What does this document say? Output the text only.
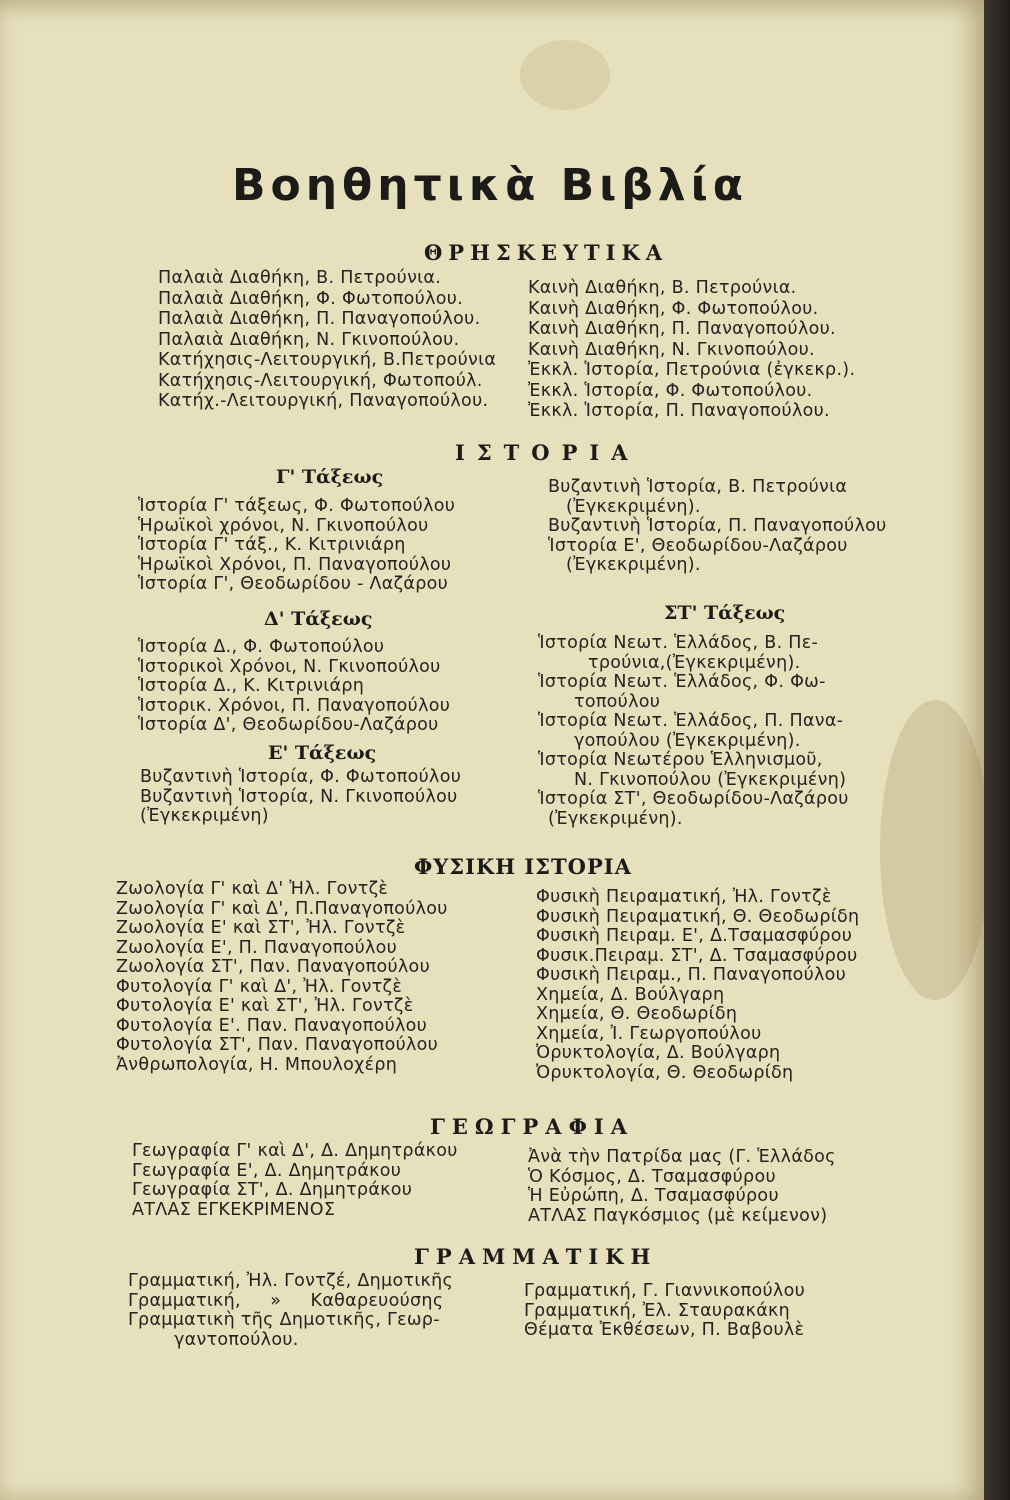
Βοηθητικὰ Βιβλία
ΘΡΗΣΚΕΥΤΙΚΑ
Παλαιὰ Διαθήκη, Β. Πετρούνια.
Παλαιὰ Διαθήκη, Φ. Φωτοπούλου.
Παλαιὰ Διαθήκη, Π. Παναγοπούλου.
Παλαιὰ Διαθήκη, Ν. Γκινοπούλου.
Κατήχησις-Λειτουργική, Β.Πετρούνια
Κατήχησις-Λειτουργική, Φωτοπούλ.
Κατήχ.-Λειτουργική, Παναγοπούλου.
Καινὴ Διαθήκη, Β. Πετρούνια.
Καινὴ Διαθήκη, Φ. Φωτοπούλου.
Καινὴ Διαθήκη, Π. Παναγοπούλου.
Καινὴ Διαθήκη, Ν. Γκινοπούλου.
Ἐκκλ. Ἱστορία, Πετρούνια (ἐγκεκρ.).
Ἐκκλ. Ἱστορία, Φ. Φωτοπούλου.
Ἐκκλ. Ἱστορία, Π. Παναγοπούλου.
ΙΣΤΟΡΙΑ
Γ' Τάξεως
Ἱστορία Γ' τάξεως, Φ. Φωτοπούλου
Ἡρωϊκοὶ χρόνοι, Ν. Γκινοπούλου
Ἱστορία Γ' τάξ., Κ. Κιτρινιάρη
Ἡρωϊκοὶ Χρόνοι, Π. Παναγοπούλου
Ἱστορία Γ', Θεοδωρίδου - Λαζάρου
Δ' Τάξεως
Ἱστορία Δ., Φ. Φωτοπούλου
Ἱστορικοὶ Χρόνοι, Ν. Γκινοπούλου
Ἱστορία Δ., Κ. Κιτρινιάρη
Ἱστορικ. Χρόνοι, Π. Παναγοπούλου
Ἱστορία Δ', Θεοδωρίδου-Λαζάρου
Ε' Τάξεως
Βυζαντινὴ Ἱστορία, Φ. Φωτοπούλου
Βυζαντινὴ Ἱστορία, Ν. Γκινοπούλου
(Ἐγκεκριμένη)
Βυζαντινὴ Ἱστορία, Β. Πετρούνια
(Ἐγκεκριμένη).
Βυζαντινὴ Ἱστορία, Π. Παναγοπούλου
Ἱστορία Ε', Θεοδωρίδου-Λαζάρου
(Ἐγκεκριμένη).
ΣΤ' Τάξεως
Ἱστορία Νεωτ. Ἑλλάδος, Β. Πε-
τρούνια,(Ἐγκεκριμένη).
Ἱστορία Νεωτ. Ἑλλάδος, Φ. Φω-
τοπούλου
Ἱστορία Νεωτ. Ἑλλάδος, Π. Πανα-
γοπούλου (Ἐγκεκριμένη).
Ἱστορία Νεωτέρου Ἑλληνισμοῦ,
Ν. Γκινοπούλου (Ἐγκεκριμένη)
Ἱστορία ΣΤ', Θεοδωρίδου-Λαζάρου
(Ἐγκεκριμένη).
ΦΥΣΙΚΗ ΙΣΤΟΡΙΑ
Ζωολογία Γ' καὶ Δ' Ἠλ. Γοντζὲ
Ζωολογία Γ' καὶ Δ', Π.Παναγοπούλου
Ζωολογία Ε' καὶ ΣΤ', Ἠλ. Γοντζὲ
Ζωολογία Ε', Π. Παναγοπούλου
Ζωολογία ΣΤ', Παν. Παναγοπούλου
Φυτολογία Γ' καὶ Δ', Ἠλ. Γοντζὲ
Φυτολογία Ε' καὶ ΣΤ', Ἠλ. Γοντζὲ
Φυτολογία Ε'. Παν. Παναγοπούλου
Φυτολογία ΣΤ', Παν. Παναγοπούλου
Ἀνθρωπολογία, Η. Μπουλοχέρη
Φυσικὴ Πειραματική, Ἠλ. Γοντζὲ
Φυσικὴ Πειραματική, Θ. Θεοδωρίδη
Φυσικὴ Πειραμ. Ε', Δ.Τσαμασφύρου
Φυσικ.Πειραμ. ΣΤ', Δ. Τσαμασφύρου
Φυσικὴ Πειραμ., Π. Παναγοπούλου
Χημεία, Δ. Βούλγαρη
Χημεία, Θ. Θεοδωρίδη
Χημεία, Ἰ. Γεωργοπούλου
Ὀρυκτολογία, Δ. Βούλγαρη
Ὀρυκτολογία, Θ. Θεοδωρίδη
ΓΕΩΓΡΑΦΙΑ
Γεωγραφία Γ' καὶ Δ', Δ. Δημητράκου
Γεωγραφία Ε', Δ. Δημητράκου
Γεωγραφία ΣΤ', Δ. Δημητράκου
ΑΤΛΑΣ ΕΓΚΕΚΡΙΜΕΝΟΣ
Ἀνὰ τὴν Πατρίδα μας (Γ. Ἑλλάδος
Ὁ Κόσμος, Δ. Τσαμασφύρου
Ἡ Εὐρώπη, Δ. Τσαμασφύρου
ΑΤΛΑΣ Παγκόσμιος (μὲ κείμενον)
ΓΡΑΜΜΑΤΙΚΗ
Γραμματική, Ἠλ. Γοντζέ, Δημοτικῆς
Γραμματική,     »     Καθαρευούσης
Γραμματικὴ τῆς Δημοτικῆς, Γεωρ-
γαντοπούλου.
Γραμματική, Γ. Γιαννικοπούλου
Γραμματική, Ἐλ. Σταυρακάκη
Θέματα Ἐκθέσεων, Π. Βαβουλὲ
